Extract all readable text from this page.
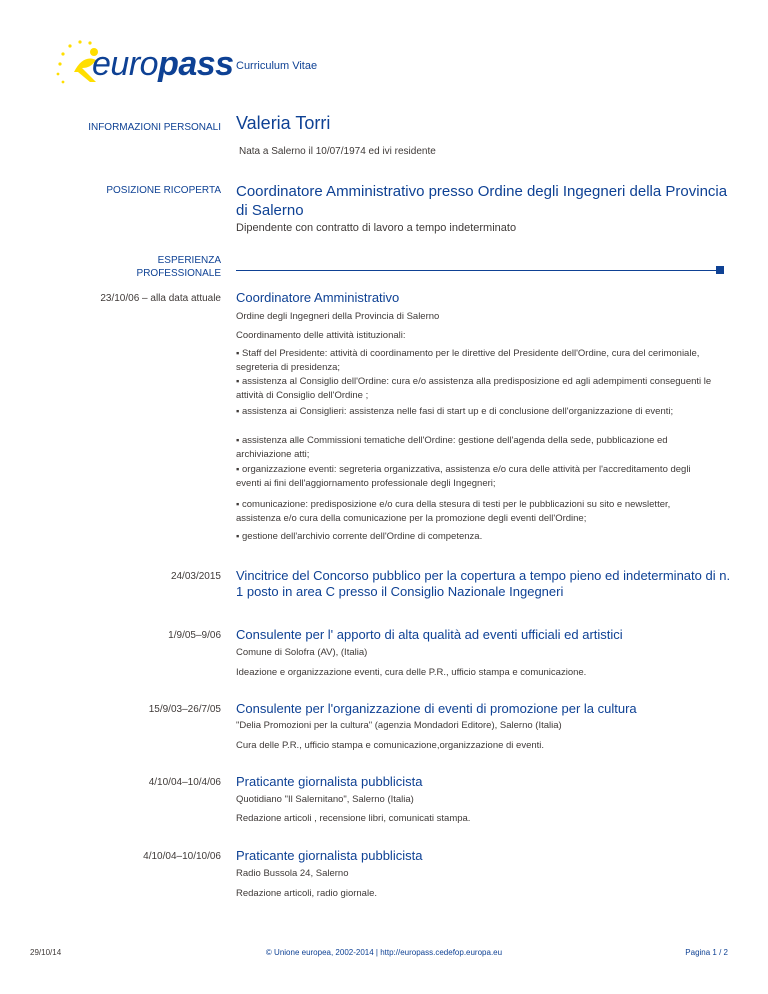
europass Curriculum Vitae
INFORMAZIONI PERSONALI Valeria Torri
Nata a Salerno il 10/07/1974 ed ivi residente
POSIZIONE RICOPERTA Coordinatore Amministrativo presso Ordine degli Ingegneri della Provincia di Salerno
Dipendente con contratto di lavoro a tempo indeterminato
ESPERIENZA
PROFESSIONALE
23/10/06 – alla data attuale Coordinatore Amministrativo
Ordine degli Ingegneri della Provincia di Salerno
Coordinamento delle attività istituzionali:
▪ Staff del Presidente: attività di coordinamento per le direttive del Presidente dell'Ordine, cura del cerimoniale, segreteria di presidenza;
▪ assistenza al Consiglio dell'Ordine: cura e/o assistenza alla predisposizione ed agli adempimenti conseguenti le attività di Consiglio dell'Ordine ;
▪ assistenza ai Consiglieri: assistenza nelle fasi di start up e di conclusione dell'organizzazione di eventi;
▪ assistenza alle Commissioni tematiche dell'Ordine: gestione dell'agenda della sede, pubblicazione ed archiviazione atti;
▪ organizzazione eventi: segreteria organizzativa, assistenza e/o cura delle attività per l'accreditamento degli eventi ai fini dell'aggiornamento professionale degli Ingegneri;
▪ comunicazione: predisposizione e/o cura della stesura di testi per le pubblicazioni su sito e newsletter, assistenza e/o cura della comunicazione per la promozione degli eventi dell'Ordine;
▪ gestione dell'archivio corrente dell'Ordine di competenza.
24/03/2015 Vincitrice del Concorso pubblico per la copertura a tempo pieno ed indeterminato di n. 1 posto in area C presso il Consiglio Nazionale Ingegneri
1/9/05–9/06 Consulente per l' apporto di alta qualità ad eventi ufficiali ed artistici
Comune di Solofra (AV), (Italia)
Ideazione e organizzazione eventi, cura delle P.R., ufficio stampa e comunicazione.
15/9/03–26/7/05 Consulente per l'organizzazione di eventi di promozione per la cultura
"Delia Promozioni per la cultura" (agenzia Mondadori Editore), Salerno (Italia)
Cura delle P.R., ufficio stampa e comunicazione,organizzazione di eventi.
4/10/04–10/4/06 Praticante giornalista pubblicista
Quotidiano "Il Salernitano", Salerno (Italia)
Redazione articoli , recensione libri, comunicati stampa.
4/10/04–10/10/06 Praticante giornalista pubblicista
Radio Bussola 24, Salerno
Redazione articoli, radio giornale.
29/10/14	© Unione europea, 2002-2014 | http://europass.cedefop.europa.eu	Pagina 1 / 2
